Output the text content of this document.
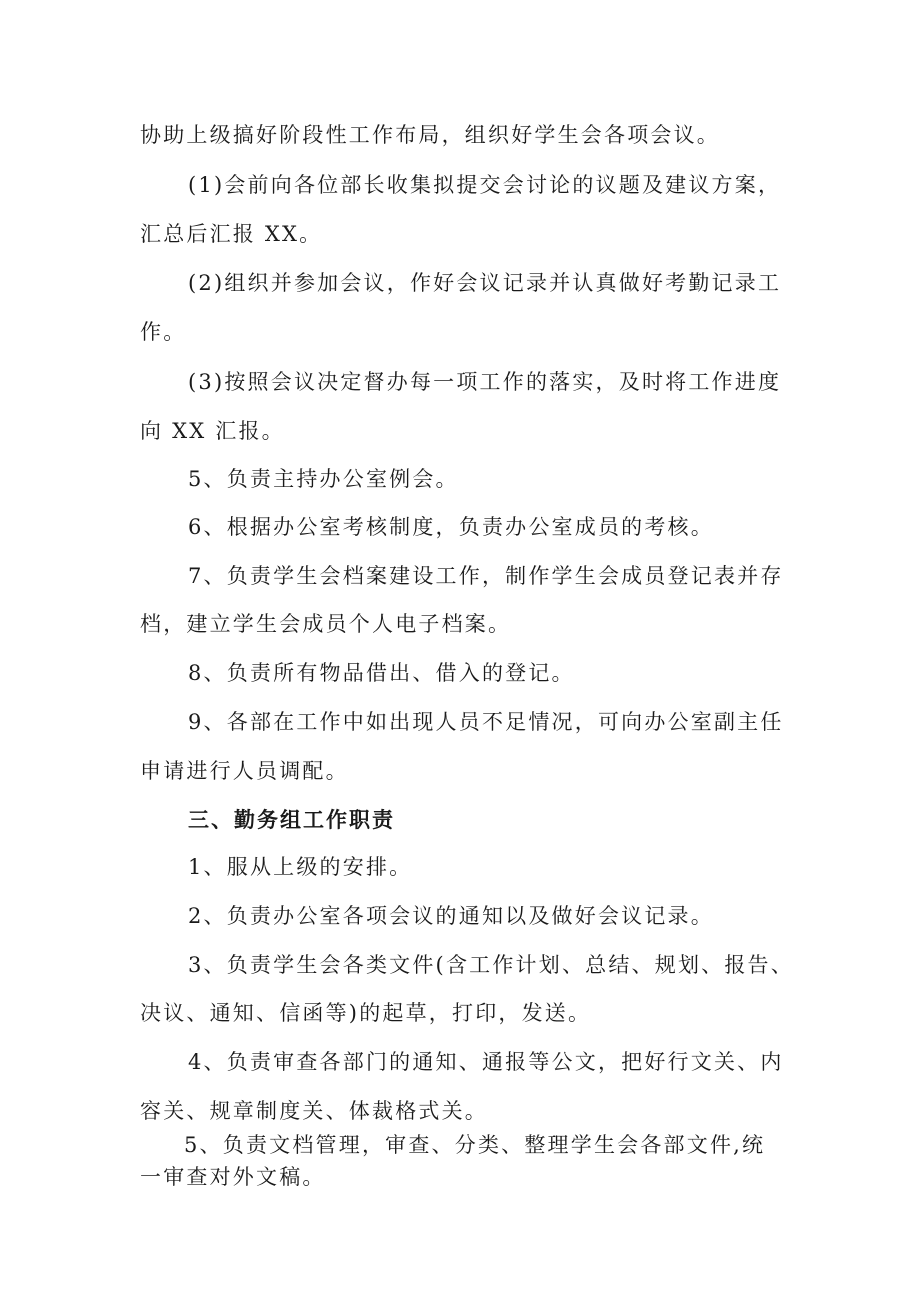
协助上级搞好阶段性工作布局，组织好学生会各项会议。
(1)会前向各位部长收集拟提交会讨论的议题及建议方案，
汇总后汇报 XX。
(2)组织并参加会议，作好会议记录并认真做好考勤记录工
作。
(3)按照会议决定督办每一项工作的落实，及时将工作进度
向 XX 汇报。
5、负责主持办公室例会。
6、根据办公室考核制度，负责办公室成员的考核。
7、负责学生会档案建设工作，制作学生会成员登记表并存
档，建立学生会成员个人电子档案。
8、负责所有物品借出、借入的登记。
9、各部在工作中如出现人员不足情况，可向办公室副主任
申请进行人员调配。
三、勤务组工作职责
1、服从上级的安排。
2、负责办公室各项会议的通知以及做好会议记录。
3、负责学生会各类文件(含工作计划、总结、规划、报告、
决议、通知、信函等)的起草，打印，发送。
4、负责审查各部门的通知、通报等公文，把好行文关、内
容关、规章制度关、体裁格式关。
5、负责文档管理，审查、分类、整理学生会各部文件,统
一审查对外文稿。
